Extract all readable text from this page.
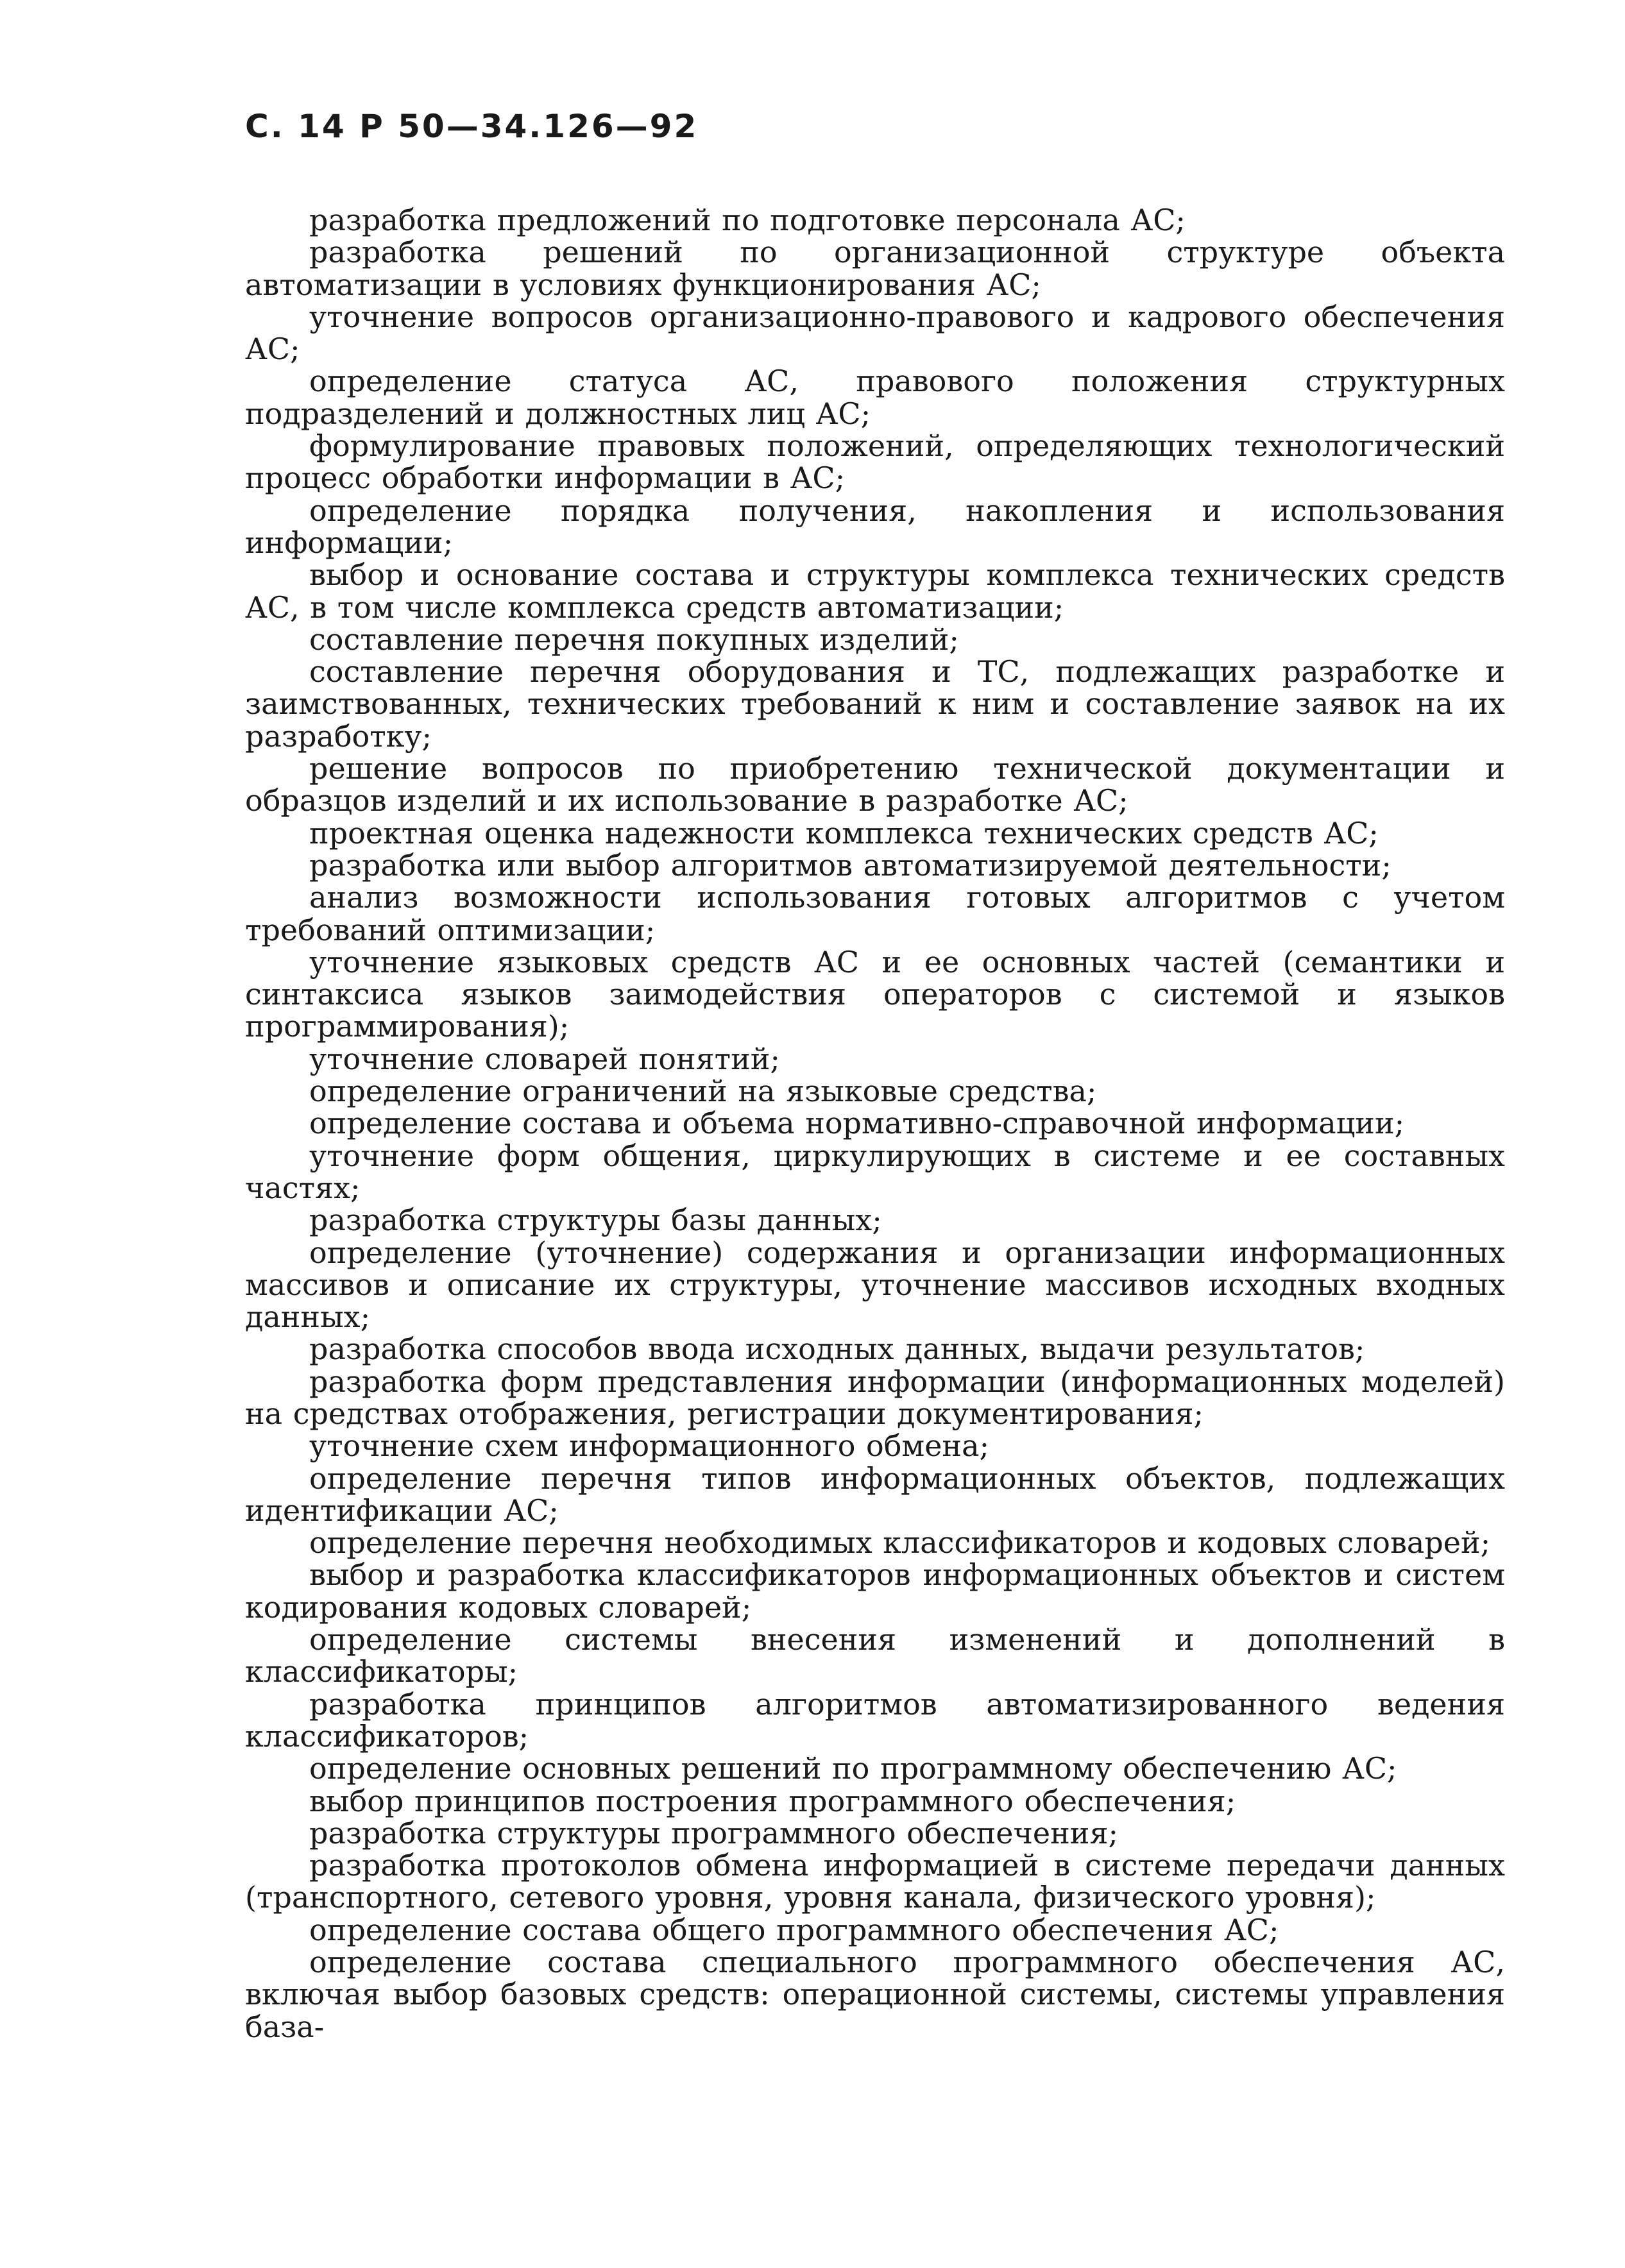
С. 14 Р 50—34.126—92

разработка предложений по подготовке персонала АС;

разработка решений по организационной структуре объекта автоматизации в условиях функционирования АС;

уточнение вопросов организационно-правового и кадрового обеспечения АС;

определение статуса АС, правового положения структурных подразделений и должностных лиц АС;

формулирование правовых положений, определяющих технологический процесс обработки информации в АС;

определение порядка получения, накопления и использования информации;

выбор и основание состава и структуры комплекса технических средств АС, в том числе комплекса средств автоматизации;

составление перечня покупных изделий;

составление перечня оборудования и ТС, подлежащих разработке и заимствованных, технических требований к ним и составление заявок на их разработку;

решение вопросов по приобретению технической документации и образцов изделий и их использование в разработке АС;

проектная оценка надежности комплекса технических средств АС;

разработка или выбор алгоритмов автоматизируемой деятельности;

анализ возможности использования готовых алгоритмов с учетом требований оптимизации;

уточнение языковых средств АС и ее основных частей (семантики и синтаксиса языков заимодействия операторов с системой и языков программирования);

уточнение словарей понятий;

определение ограничений на языковые средства;

определение состава и объема нормативно-справочной информации;

уточнение форм общения, циркулирующих в системе и ее составных частях;

разработка структуры базы данных;

определение (уточнение) содержания и организации информационных массивов и описание их структуры, уточнение массивов исходных входных данных;

разработка способов ввода исходных данных, выдачи результатов;

разработка форм представления информации (информационных моделей) на средствах отображения, регистрации документирования;

уточнение схем информационного обмена;

определение перечня типов информационных объектов, подлежащих идентификации АС;

определение перечня необходимых классификаторов и кодовых словарей;

выбор и разработка классификаторов информационных объектов и систем кодирования кодовых словарей;

определение системы внесения изменений и дополнений в классификаторы;

разработка принципов алгоритмов автоматизированного ведения классификаторов;

определение основных решений по программному обеспечению АС;

выбор принципов построения программного обеспечения;

разработка структуры программного обеспечения;

разработка протоколов обмена информацией в системе передачи данных (транспортного, сетевого уровня, уровня канала, физического уровня);

определение состава общего программного обеспечения АС;

определение состава специального программного обеспечения АС, включая выбор базовых средств: операционной системы, системы управления база-
